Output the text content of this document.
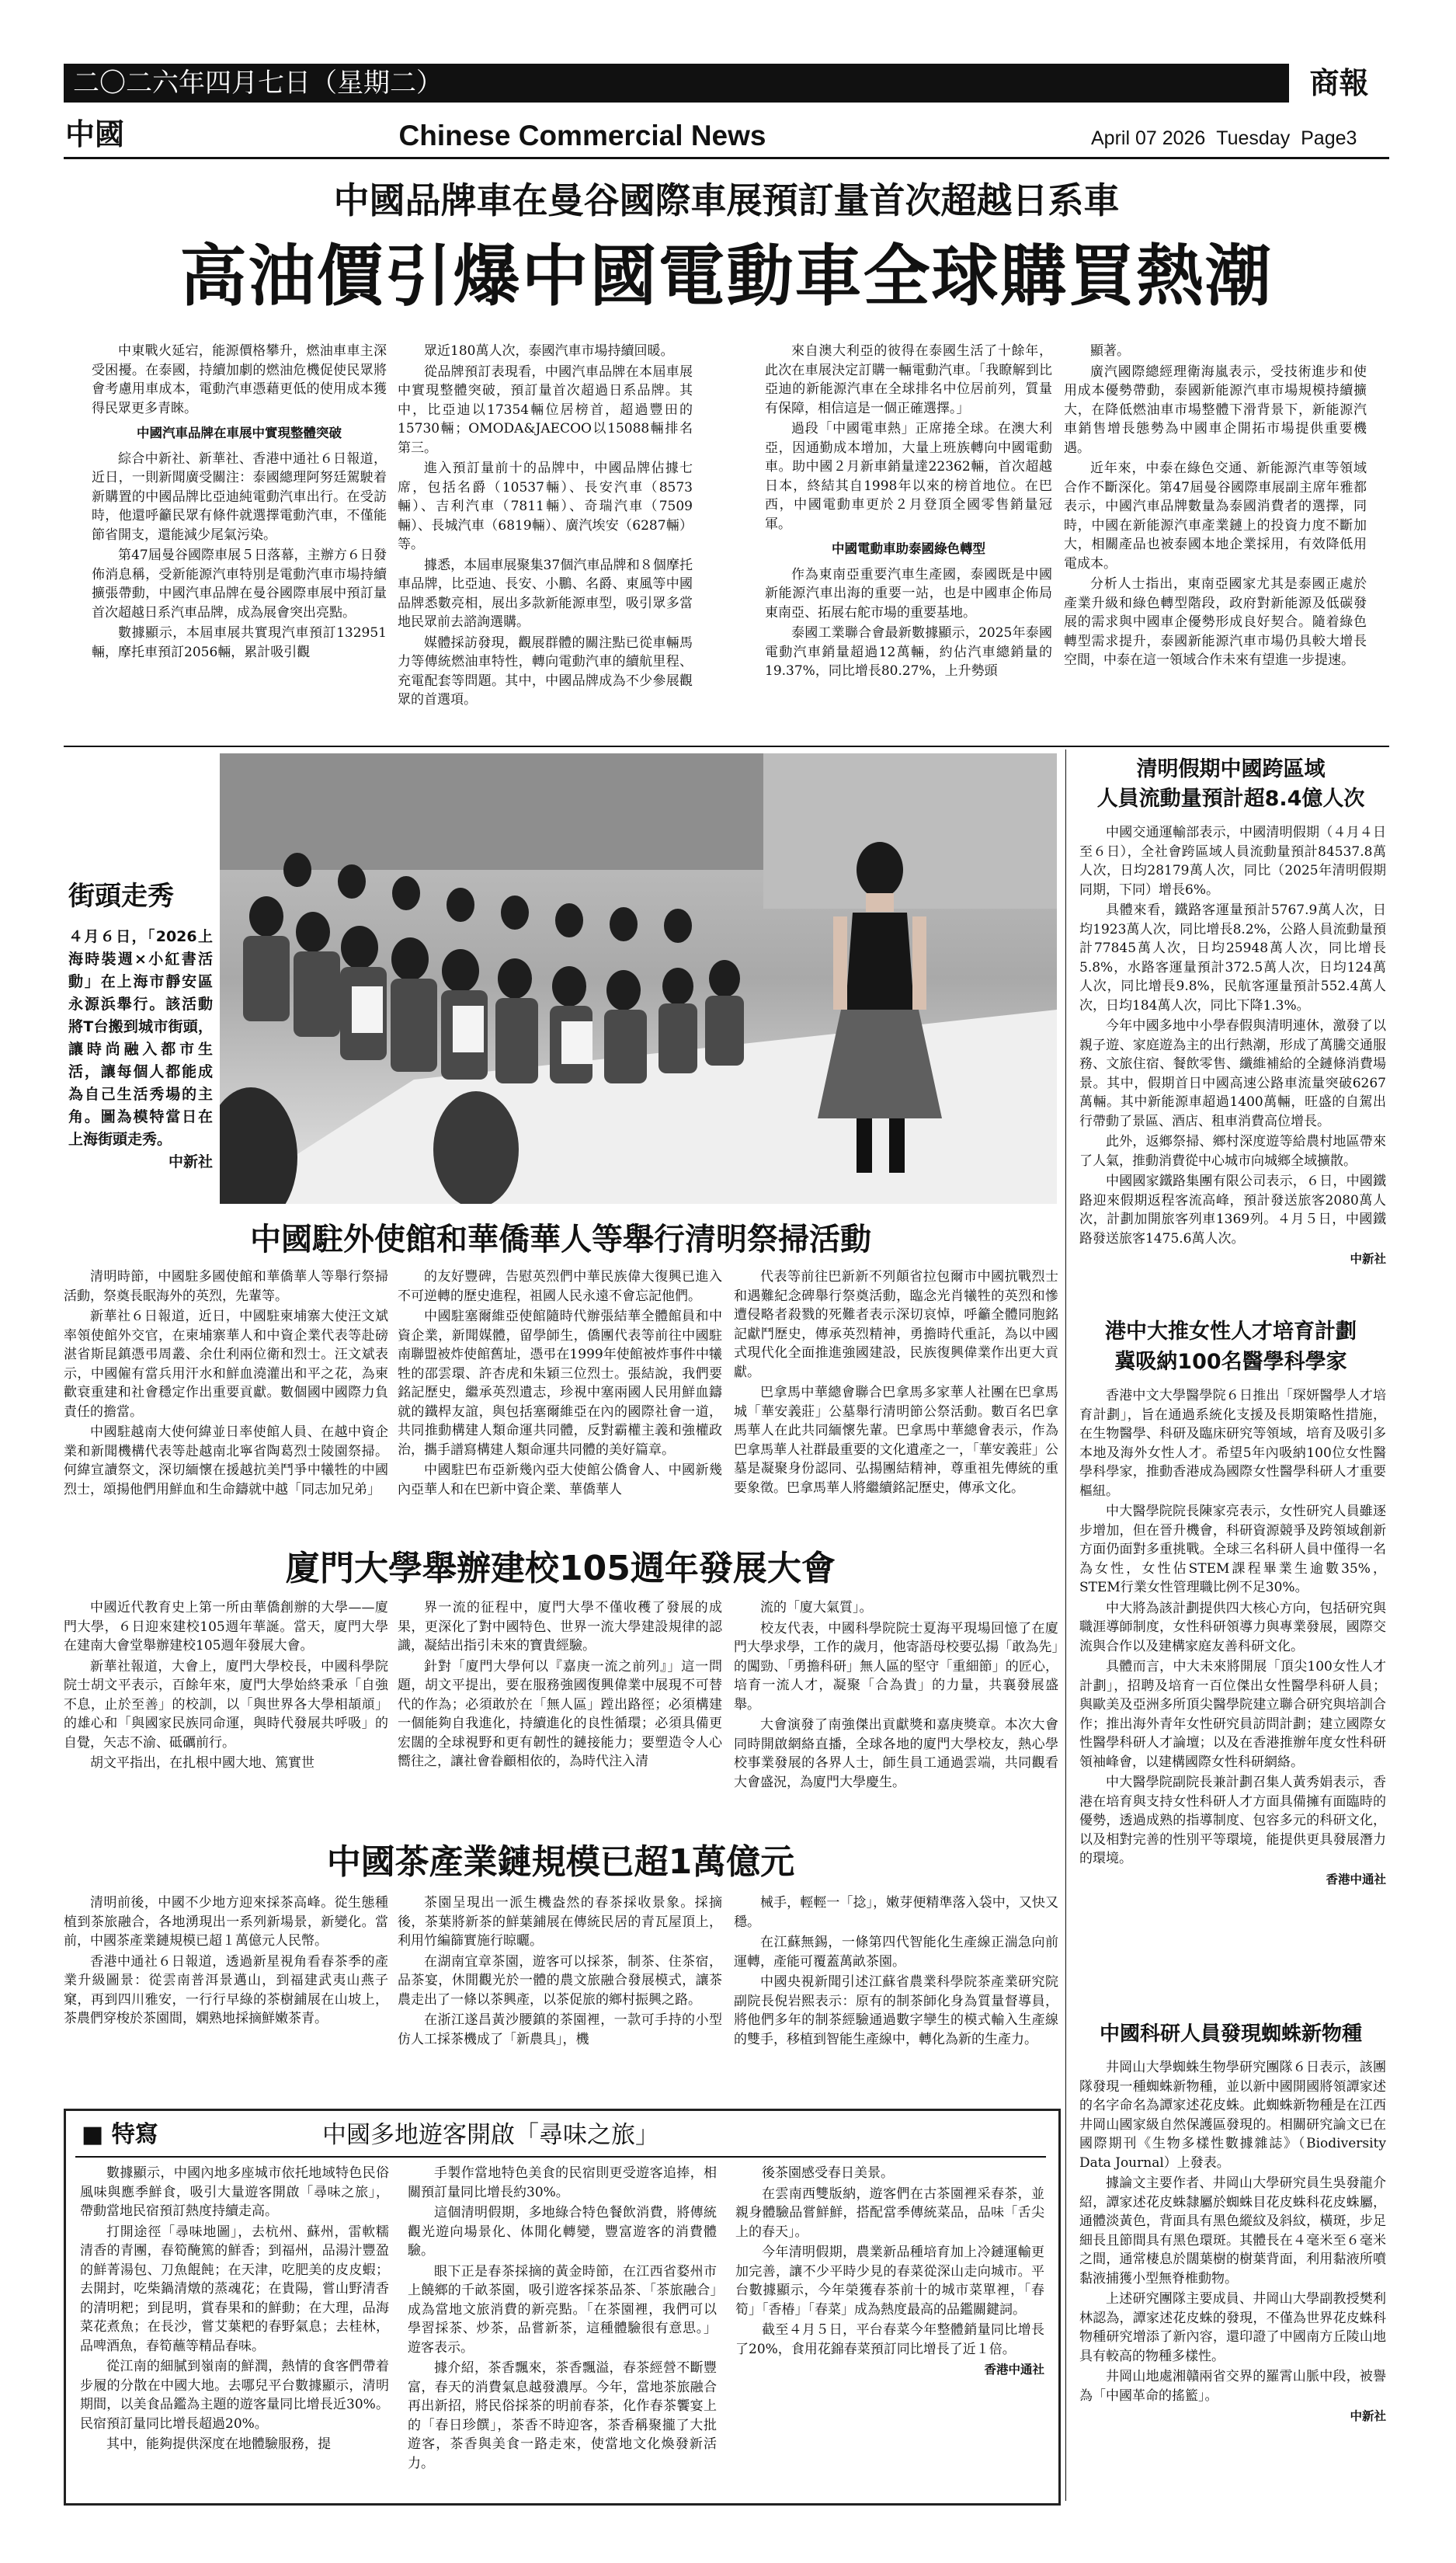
二〇二六年四月七日（星期二）	商報
中國	Chinese Commercial News	April 07 2026 Tuesday Page3
中國品牌車在曼谷國際車展預訂量首次超越日系車
高油價引爆中國電動車全球購買熱潮

中東戰火延宕，能源價格攀升，燃油車車主深受困擾。在泰國，持續加劇的燃油危機促使民眾將會考慮用車成本，電動汽車憑藉更低的使用成本獲得民眾更多青睞。

中國汽車品牌在車展中實現整體突破

綜合中新社、新華社、香港中通社６日報道，近日，一則新聞廣受關注：泰國總理阿努廷駕駛着新購置的中國品牌比亞迪純電動汽車出行。在受訪時，他還呼籲民眾有條件就選擇電動汽車，不僅能節省開支，還能減少尾氣污染。

第47屆曼谷國際車展５日落幕，主辦方６日發佈消息稱，受新能源汽車特別是電動汽車市場持續擴張帶動，中國汽車品牌在曼谷國際車展中預訂量首次超越日系汽車品牌，成為展會突出亮點。

數據顯示，本屆車展共實現汽車預訂132951輛，摩托車預訂2056輛，累計吸引觀

眾近180萬人次，泰國汽車市場持續回暖。

從品牌預訂表現看，中國汽車品牌在本屆車展中實現整體突破，預訂量首次超過日系品牌。其中，比亞迪以17354輛位居榜首，超過豐田的15730輛；OMODA&JAECOO以15088輛排名第三。

進入預訂量前十的品牌中，中國品牌佔據七席，包括名爵（10537輛）、長安汽車（8573輛）、吉利汽車（7811輛）、奇瑞汽車（7509輛）、長城汽車（6819輛）、廣汽埃安（6287輛）等。

據悉，本屆車展聚集37個汽車品牌和８個摩托車品牌，比亞迪、長安、小鵬、名爵、東風等中國品牌悉數亮相，展出多款新能源車型，吸引眾多當地民眾前去諮詢選購。

媒體採訪發現，觀展群體的關注點已從車輛馬力等傳統燃油車特性，轉向電動汽車的續航里程、充電配套等問題。其中，中國品牌成為不少參展觀眾的首選項。

來自澳大利亞的彼得在泰國生活了十餘年，此次在車展決定訂購一輛電動汽車。「我瞭解到比亞迪的新能源汽車在全球排名中位居前列，質量有保障，相信這是一個正確選擇。」

過段「中國電車熱」正席捲全球。在澳大利亞，因通勤成本增加，大量上班族轉向中國電動車。助中國２月新車銷量達22362輛，首次超越日本，終結其自1998年以來的榜首地位。在巴西，中國電動車更於２月登頂全國零售銷量冠軍。

中國電動車助泰國綠色轉型

作為東南亞重要汽車生產國，泰國既是中國新能源汽車出海的重要一站，也是中國車企佈局東南亞、拓展右舵市場的重要基地。

泰國工業聯合會最新數據顯示，2025年泰國電動汽車銷量超過12萬輛，約佔汽車總銷量的19.37%，同比增長80.27%，上升勢頭

顯著。

廣汽國際總經理衛海嵐表示，受技術進步和使用成本優勢帶動，泰國新能源汽車市場規模持續擴大，在降低燃油車市場整體下滑背景下，新能源汽車銷售增長態勢為中國車企開拓市場提供重要機遇。

近年來，中泰在綠色交通、新能源汽車等領域合作不斷深化。第47屆曼谷國際車展副主席年雅都表示，中國汽車品牌數量為泰國消費者的選擇，同時，中國在新能源汽車產業鏈上的投資力度不斷加大，相關產品也被泰國本地企業採用，有效降低用電成本。

分析人士指出，東南亞國家尤其是泰國正處於產業升級和綠色轉型階段，政府對新能源及低碳發展的需求與中國車企優勢形成良好契合。隨着綠色轉型需求提升，泰國新能源汽車市場仍具較大增長空間，中泰在這一領域合作未來有望進一步提速。

街頭走秀
４月６日，「2026上海時裝週×小紅書活動」在上海市靜安區永源浜舉行。該活動將T台搬到城市街頭，讓時尚融入都市生活，讓每個人都能成為自己生活秀場的主角。圖為模特當日在上海街頭走秀。
中新社
中國駐外使館和華僑華人等舉行清明祭掃活動

清明時節，中國駐多國使館和華僑華人等舉行祭掃活動，祭奠長眠海外的英烈，先輩等。

新華社６日報道，近日，中國駐柬埔寨大使汪文斌率領使館外交官，在柬埔寨華人和中資企業代表等赴磅湛省斯昆鎮憑弔周叢、余仕利兩位衛和烈士。汪文斌表示，中國僱有當兵用汗水和鮮血澆灌出和平之花，為柬歡衰重建和社會穩定作出重要貢獻。數個國中國際力負責任的擔當。

中國駐越南大使何緯並日率使館人員、在越中資企業和新聞機構代表等赴越南北寧省陶葛烈士陵園祭掃。何緯宣讀祭文，深切緬懷在援越抗美鬥爭中犧牲的中國烈士，頌揚他們用鮮血和生命鑄就中越「同志加兄弟」

的友好豐碑，告慰英烈們中華民族偉大復興已進入不可逆轉的歷史進程，祖國人民永遠不會忘記他們。

中國駐塞爾維亞使館隨時代辦張結華全體館員和中資企業，新聞媒體，留學師生，僑團代表等前往中國駐南聯盟被炸使館舊址，憑弔在1999年使館被炸事件中犧牲的邵雲環、許杏虎和朱穎三位烈士。張結說，我們要銘記歷史，繼承英烈遺志，珍視中塞兩國人民用鮮血鑄就的鐵桿友誼，與包括塞爾維亞在內的國際社會一道，共同推動構建人類命運共同體，反對霸權主義和強權政治，攜手譜寫構建人類命運共同體的美好篇章。

中國駐巴布亞新幾內亞大使館公僑會人、中國新幾內亞華人和在巴新中資企業、華僑華人

代表等前往巴新新不列顛省拉包爾市中國抗戰烈士和遇難紀念碑舉行祭奠活動，臨念光肖犧牲的英烈和慘遭侵略者殺戮的死難者表示深切哀悼，呼籲全體同胞銘記獻鬥歷史，傳承英烈精神，勇擔時代重託，為以中國式現代化全面推進強國建設，民族復興偉業作出更大貢獻。

巴拿馬中華總會聯合巴拿馬多家華人社團在巴拿馬城「華安義莊」公墓舉行清明節公祭活動。數百名巴拿馬華人在此共同緬懷先輩。巴拿馬中華總會表示，作為巴拿馬華人社群最重要的文化遺產之一，「華安義莊」公墓是凝聚身份認同、弘揚團結精神，尊重祖先傳統的重要象徵。巴拿馬華人將繼續銘記歷史，傳承文化。

廈門大學舉辦建校105週年發展大會

中國近代教育史上第一所由華僑創辦的大學——廈門大學，６日迎來建校105週年華誕。當天，廈門大學在建南大會堂舉辦建校105週年發展大會。

新華社報道，大會上，廈門大學校長，中國科學院院士胡文平表示，百餘年來，廈門大學始終秉承「自強不息，止於至善」的校訓，以「與世界各大學相頡頏」的雄心和「與國家民族同命運，與時代發展共呼吸」的自覺，矢志不渝、砥礪前行。

胡文平指出，在扎根中國大地、篤實世

界一流的征程中，廈門大學不僅收穫了發展的成果，更深化了對中國特色、世界一流大學建設規律的認識，凝結出指引未來的寶貴經驗。

針對「廈門大學何以『嘉庚一流之前列』」這一問題，胡文平提出，要在服務強國復興偉業中展現不可替代的作為；必須敢於在「無人區」蹚出路徑；必須構建一個能夠自我進化，持續進化的良性循環；必須具備更宏闊的全球視野和更有韌性的鏈接能力；要塑造令人心嚮往之，讓社會眷顧相依的，為時代注入清

流的「廈大氣質」。

校友代表，中國科學院院士夏海平現場回憶了在廈門大學求學，工作的歲月，他寄語母校要弘揚「敢為先」的闖勁、「勇擔科研」無人區的堅守「重細節」的匠心，培育一流人才，凝聚「合為貴」的力量，共襄發展盛舉。

大會演發了南強傑出貢獻獎和嘉庚獎章。本次大會同時開啟網絡直播，全球各地的廈門大學校友，熱心學校事業發展的各界人士，師生員工通過雲端，共同觀看大會盛況，為廈門大學慶生。

中國茶產業鏈規模已超1萬億元

清明前後，中國不少地方迎來採茶高峰。從生態種植到茶旅融合，各地湧現出一系列新場景，新變化。當前，中國茶產業鏈規模已超１萬億元人民幣。

香港中通社６日報道，透過新星視角看春茶季的產業升級圖景：從雲南普洱景邁山，到福建武夷山燕子窠，再到四川雅安，一行行早綠的茶樹鋪展在山坡上，茶農們穿梭於茶園間，嫻熟地採摘鮮嫩茶青。

茶園呈現出一派生機盎然的春茶採收景象。採摘後，茶葉將新茶的鮮葉鋪展在傳統民居的青瓦屋頂上，利用竹編篩實施行晾曬。

在湖南宜章茶園，遊客可以採茶，制茶、住茶宿，品茶宴，休閒觀光於一體的農文旅融合發展模式，讓茶農走出了一條以茶興產，以茶促旅的鄉村振興之路。

在浙江遂昌黃沙腰鎮的茶園裡，一款可手持的小型仿人工採茶機成了「新農具」，機

械手，輕輕一「捻」，嫩芽便精準落入袋中，又快又穩。

在江蘇無錫，一條第四代智能化生產線正湍急向前運轉，產能可覆蓋萬畝茶園。

中國央視新聞引述江蘇省農業科學院茶產業研究院副院長倪岩熙表示：原有的制茶師化身為質量督導員，將他們多年的制茶經驗通過數字孿生的模式輸入生產線的雙手，移植到智能生產線中，轉化為新的生產力。

■ 特寫	中國多地遊客開啟「尋味之旅」

數據顯示，中國內地多座城市依托地域特色民俗風味與應季鮮食，吸引大量遊客開啟「尋味之旅」，帶動當地民宿預訂熱度持續走高。

打開途徑「尋味地圖」，去杭州、蘇州，雷軟糯清香的青團，春筍醃篤的鮮香；到福州，品湯汁豐盈的鮮菁湯包、刀魚餛飩；在天津，吃肥美的皮皮蝦；去開封，吃柴鍋清燉的蒸魂花；在貴陽，嘗山野清香的清明粑；到昆明，賞春果和的鮮動；在大理，品海菜花煮魚；在長沙，嘗艾葉粑的春野氣息；去桂林，品啤酒魚，春筍蘸等精品春味。

從江南的細膩到嶺南的鮮潤，熱情的食客們帶着步履的分散在中國大地。去哪兒平台數據顯示，清明期間，以美食品鑑為主題的遊客量同比增長近30%。民宿預訂量同比增長超過20%。

其中，能夠提供深度在地體驗服務，提

手製作當地特色美食的民宿則更受遊客追捧，相關預訂量同比增長約30%。

這個清明假期，多地綠合特色餐飲消費，將傳統觀光遊向場景化、体閒化轉變，豐富遊客的消費體驗。

眼下正是春茶採摘的黃金時節，在江西省婺州市上饒鄉的千畝茶園，吸引遊客採茶品茶、「茶旅融合」成為當地文旅消費的新亮點。「在茶園裡，我們可以學習採茶、炒茶，品嘗新茶，這種體驗很有意思。」遊客表示。

據介紹，茶香飄來，茶香飄溢，春茶經營不斷豐富，春天的消費氣息越發濃厚。今年，當地茶旅融合再出新招，將民俗採茶的明前春茶，化作春茶饗宴上的「春日珍饌」，茶香不時迎客，茶香稱聚攏了大批遊客，茶香與美食一路走來，使當地文化煥發新活力。

後茶園感受春日美景。

在雲南西雙版納，遊客們在古茶園裡采春茶，並親身體驗品嘗鮮鮮，搭配當季傳統菜品，品味「舌尖上的春天」。

今年清明假期，農業新品種培育加上冷鏈運輸更加完善，讓不少平時少見的春菜從深山走向城市。平台數據顯示，今年榮獲春茶前十的城市菜單裡，「春筍」「香椿」「春菜」成為熱度最高的品鑑關鍵詞。

截至４月５日，平台春菜今年整體銷量同比增長了20%，食用花錦春菜預訂同比增長了近１倍。

香港中通社

清明假期中國跨區域
人員流動量預計超8.4億人次

中國交通運輸部表示，中國清明假期（４月４日至６日），全社會跨區域人員流動量預計84537.8萬人次，日均28179萬人次，同比（2025年清明假期同期，下同）增長6%。

具體來看，鐵路客運量預計5767.9萬人次，日均1923萬人次，同比增長8.2%，公路人員流動量預計77845萬人次，日均25948萬人次，同比增長5.8%，水路客運量預計372.5萬人次，日均124萬人次，同比增長9.8%，民航客運量預計552.4萬人次，日均184萬人次，同比下降1.3%。

今年中國多地中小學春假與清明連休，激發了以親子遊、家庭遊為主的出行熱潮，形成了萬騰交通服務、文旅住宿、餐飲零售、纖維補給的全鏈條消費場景。其中，假期首日中國高速公路車流量突破6267萬輛。其中新能源車超過1400萬輛，旺盛的自駕出行帶動了景區、酒店、租車消費高位增長。

此外，返鄉祭掃、鄉村深度遊等給農村地區帶來了人氣，推動消費從中心城市向城鄉全域擴散。

中國國家鐵路集團有限公司表示，６日，中國鐵路迎來假期返程客流高峰，預計發送旅客2080萬人次，計劃加開旅客列車1369列。４月５日，中國鐵路發送旅客1475.6萬人次。

中新社

港中大推女性人才培育計劃
冀吸納100名醫學科學家

香港中文大學醫學院６日推出「琛妍醫學人才培育計劃」，旨在通過系統化支援及長期策略性措施，在生物醫學、科研及臨床研究等領域，培育及吸引多本地及海外女性人才。希望5年內吸納100位女性醫學科學家，推動香港成為國際女性醫學科研人才重要樞紐。

中大醫學院院長陳家亮表示，女性研究人員雖逐步增加，但在晉升機會，科研資源競爭及跨領域創新方面仍面對多重挑戰。全球三名科研人員中僅得一名為女性，女性佔STEM課程畢業生逾數35%，STEM行業女性管理職比例不足30%。

中大將為該計劃提供四大核心方向，包括研究與職涯導師制度，女性科研領導力與專業發展，國際交流與合作以及建構家庭友善科研文化。

具體而言，中大未來將開展「頂尖100女性人才計劃」，招聘及培育一百位傑出女性醫學科研人員；與歐美及亞洲多所頂尖醫學院建立聯合研究與培訓合作；推出海外青年女性研究員訪問計劃；建立國際女性醫學科研人才論壇；以及在香港推辦年度女性科研領袖峰會，以建構國際女性科研網絡。

中大醫學院副院長兼計劃召集人黃秀娟表示，香港在培育與支持女性科研人才方面具備擁有面臨時的優勢，透過成熟的指導制度、包容多元的科研文化，以及相對完善的性別平等環境，能提供更具發展潛力的環境。

香港中通社

中國科研人員發現蜘蛛新物種

井岡山大學蜘蛛生物學研究團隊６日表示，該團隊發現一種蜘蛛新物種，並以新中國開國將領譚家述的名字命名為譚家述花皮蛛。此蜘蛛新物種是在江西井岡山國家級自然保護區發現的。相關研究論文已在國際期刊《生物多樣性數據雜誌》（Biodiversity Data Journal）上發表。

據論文主要作者、井岡山大學研究員生吳發龍介紹，譚家述花皮蛛隸屬於蜘蛛目花皮蛛科花皮蛛屬，通體淡黃色，背面具有黑色縱紋及斜紋，橫斑，步足細長且節間具有黑色環斑。其體長在４毫米至６毫米之間，通常棲息於闊葉樹的樹葉背面，利用黏液所噴黏液捕獲小型無脊椎動物。

上述研究團隊主要成員、井岡山大學副教授樊利林認為，譚家述花皮蛛的發現，不僅為世界花皮蛛科物種研究增添了新內容，還印證了中國南方丘陵山地具有較高的物種多樣性。

井岡山地處湘贛兩省交界的羅霄山脈中段，被譽為「中國革命的搖籃」。

中新社
